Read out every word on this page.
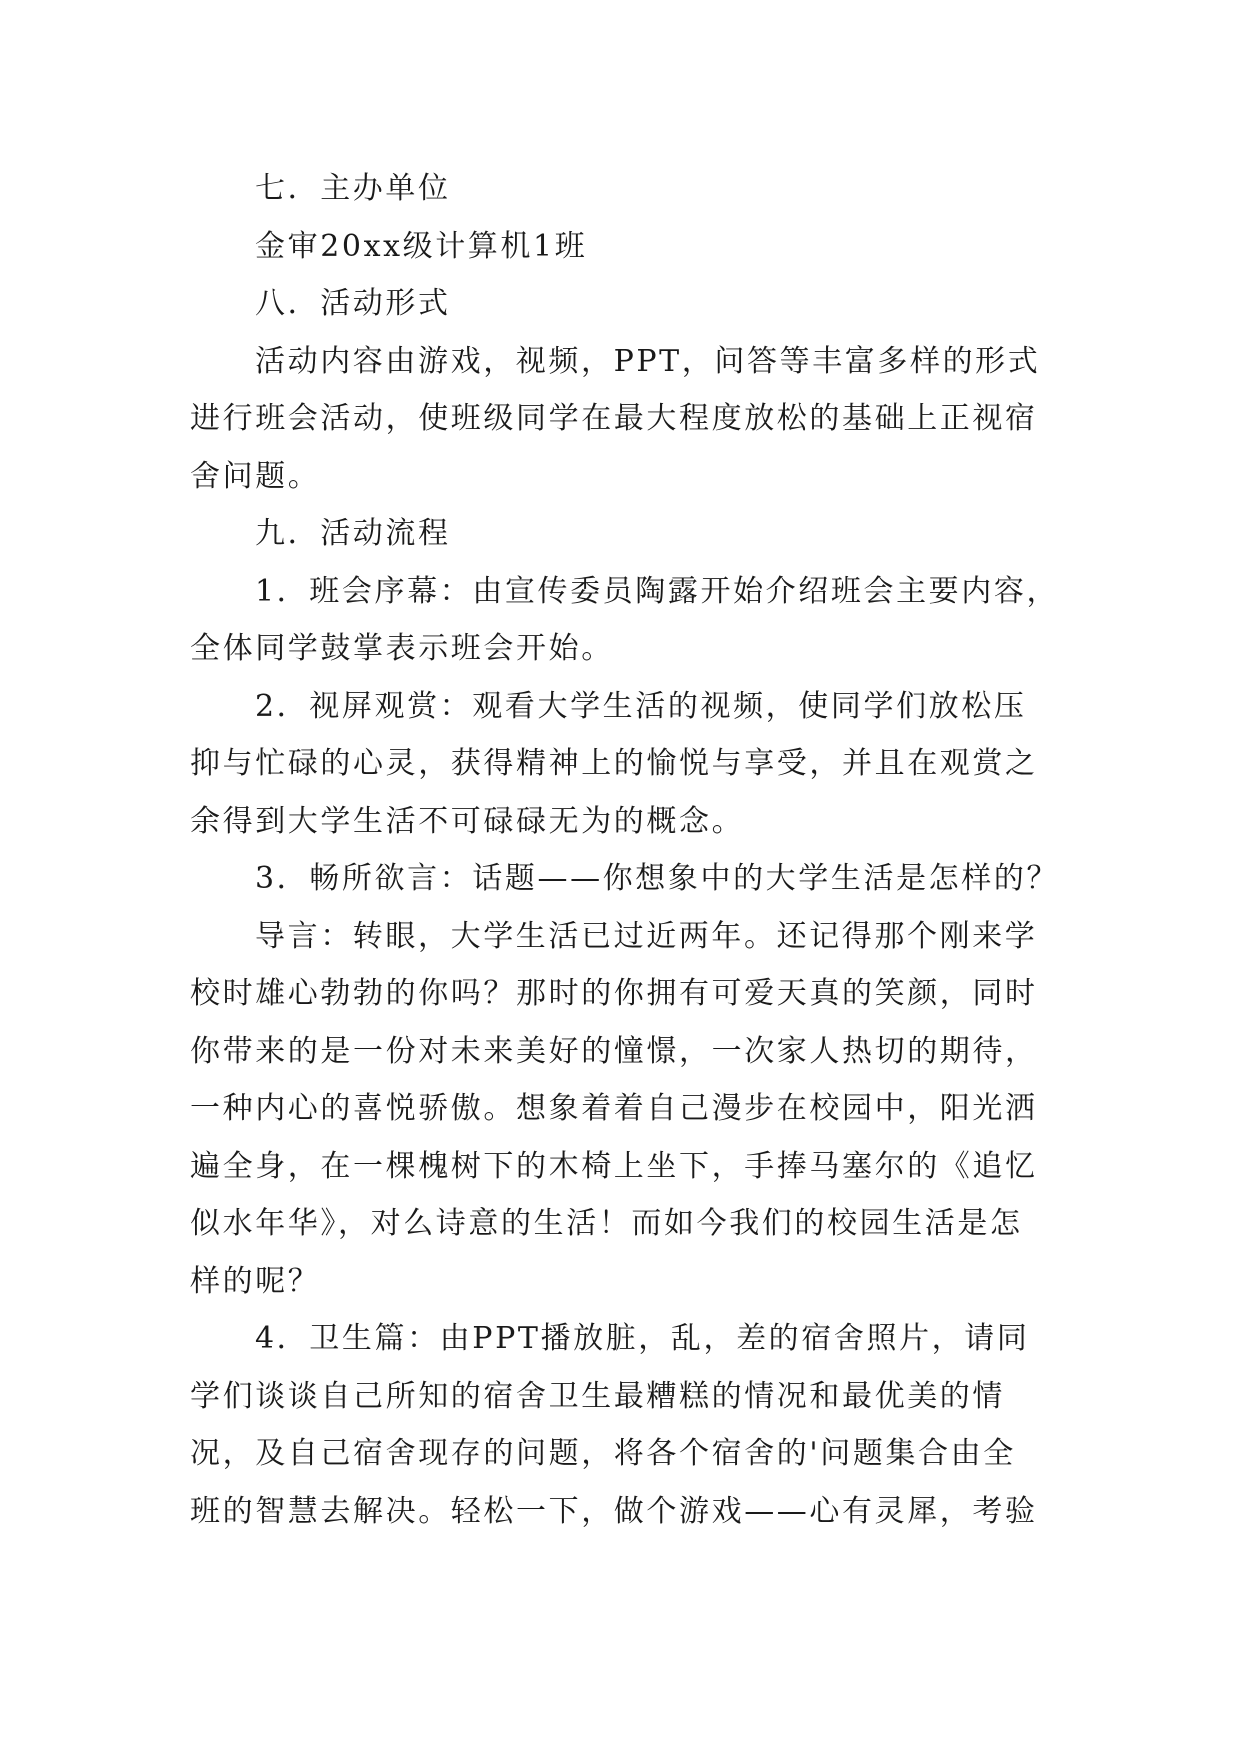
七．主办单位
金审20xx级计算机1班
八．活动形式
活动内容由游戏，视频，PPT，问答等丰富多样的形式
进行班会活动，使班级同学在最大程度放松的基础上正视宿
舍问题。
九．活动流程
1．班会序幕：由宣传委员陶露开始介绍班会主要内容，
全体同学鼓掌表示班会开始。
2．视屏观赏：观看大学生活的视频，使同学们放松压
抑与忙碌的心灵，获得精神上的愉悦与享受，并且在观赏之
余得到大学生活不可碌碌无为的概念。
3．畅所欲言：话题——你想象中的大学生活是怎样的？
导言：转眼，大学生活已过近两年。还记得那个刚来学
校时雄心勃勃的你吗？那时的你拥有可爱天真的笑颜，同时
你带来的是一份对未来美好的憧憬，一次家人热切的期待，
一种内心的喜悦骄傲。想象着着自己漫步在校园中，阳光洒
遍全身，在一棵槐树下的木椅上坐下，手捧马塞尔的《追忆
似水年华》，对么诗意的生活！而如今我们的校园生活是怎
样的呢？
4．卫生篇：由PPT播放脏，乱，差的宿舍照片，请同
学们谈谈自己所知的宿舍卫生最糟糕的情况和最优美的情
况，及自己宿舍现存的问题，将各个宿舍的'问题集合由全
班的智慧去解决。轻松一下，做个游戏——心有灵犀，考验
